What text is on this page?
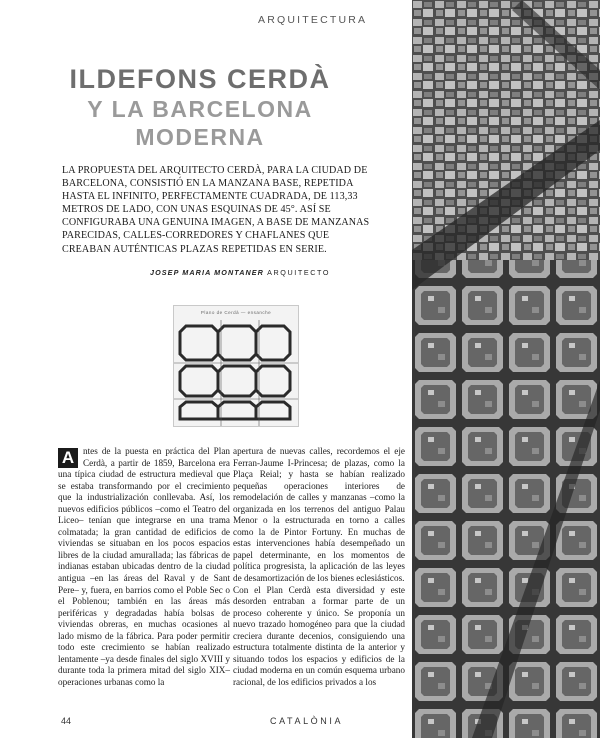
ARQUITECTURA
ILDEFONS CERDÀ
Y LA BARCELONA
MODERNA
LA PROPUESTA DEL ARQUITECTO CERDÀ, PARA LA CIUDAD DE BARCELONA, CONSISTIÓ EN LA MANZANA BASE, REPETIDA HASTA EL INFINITO, PERFECTAMENTE CUADRADA, DE 113,33 METROS DE LADO, CON UNAS ESQUINAS DE 45°. ASÍ SE CONFIGURABA UNA GENUINA IMAGEN, A BASE DE MANZANAS PARECIDAS, CALLES-CORREDORES Y CHAFLANES QUE CREABAN AUTÉNTICAS PLAZAS REPETIDAS EN SERIE.
JOSEP MARIA MONTANER ARQUITECTO
Plano de Cerdà — ensanche

A ntes de la puesta en práctica del Plan Cerdà, a partir de 1859, Barcelona era una típica ciudad de estructura medieval que se estaba transformando por el crecimiento que la industrialización conllevaba. Así, los nuevos edificios públicos –como el Teatro del Liceo– tenían que integrarse en una trama colmatada; la gran cantidad de edificios de viviendas se situaban en los pocos espacios libres de la ciudad amurallada; las fábricas de indianas estaban ubicadas dentro de la ciudad antigua –en las áreas del Raval y de Sant Pere– y, fuera, en barrios como el Poble Sec o el Poblenou; también en las áreas más periféricas y degradadas había bolsas de viviendas obreras, en muchas ocasiones al lado mismo de la fábrica. Para poder permitir todo este crecimiento se habían realizado lentamente –ya desde finales del siglo XVIII y durante toda la primera mitad del siglo XIX– operaciones urbanas como la

apertura de nuevas calles, recordemos el eje Ferran-Jaume I-Princesa; de plazas, como la Plaça Reial; y hasta se habían realizado pequeñas operaciones interiores de remodelación de calles y manzanas –como la organizada en los terrenos del antiguo Palau Menor o la estructurada en torno a calles como la de Pintor Fortuny. En muchas de estas intervenciones había desempeñado un papel determinante, en los momentos de política progresista, la aplicación de las leyes de desamortización de los bienes eclesiásticos.

Con el Plan Cerdà esta diversidad y este desorden entraban a formar parte de un proceso coherente y único. Se proponía un nuevo trazado homogéneo para que la ciudad creciera durante decenios, consiguiendo una estructura totalmente distinta de la anterior y situando todos los espacios y edificios de la ciudad moderna en un común esquema urbano racional, de los edificios privados a los

44	CATALÒNIA
